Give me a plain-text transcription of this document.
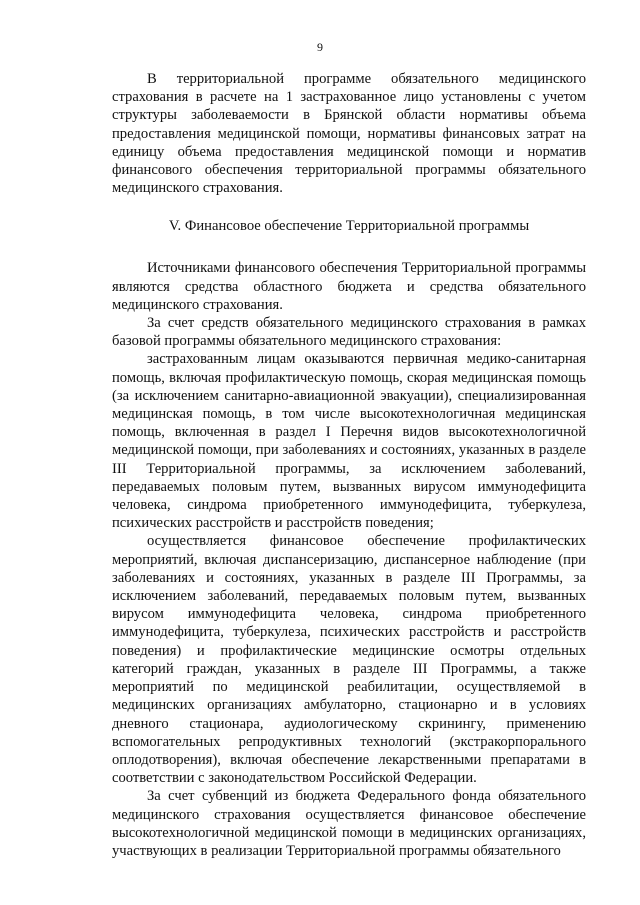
9

В территориальной программе обязательного медицинского страхования в расчете на 1 застрахованное лицо установлены с учетом структуры заболеваемости в Брянской области нормативы объема предоставления медицинской помощи, нормативы финансовых затрат на единицу объема предоставления медицинской помощи и норматив финансового обеспечения территориальной программы обязательного медицинского страхования.

V. Финансовое обеспечение Территориальной программы

Источниками финансового обеспечения Территориальной программы являются средства областного бюджета и средства обязательного медицинского страхования.

За счет средств обязательного медицинского страхования в рамках базовой программы обязательного медицинского страхования:

застрахованным лицам оказываются первичная медико-санитарная помощь, включая профилактическую помощь, скорая медицинская помощь (за исключением санитарно-авиационной эвакуации), специализированная медицинская помощь, в том числе высокотехнологичная медицинская помощь, включенная в раздел I Перечня видов высокотехнологичной медицинской помощи, при заболеваниях и состояниях, указанных в разделе III Территориальной программы, за исключением заболеваний, передаваемых половым путем, вызванных вирусом иммунодефицита человека, синдрома приобретенного иммунодефицита, туберкулеза, психических расстройств и расстройств поведения;

осуществляется финансовое обеспечение профилактических мероприятий, включая диспансеризацию, диспансерное наблюдение (при заболеваниях и состояниях, указанных в разделе III Программы, за исключением заболеваний, передаваемых половым путем, вызванных вирусом иммунодефицита человека, синдрома приобретенного иммунодефицита, туберкулеза, психических расстройств и расстройств поведения) и профилактические медицинские осмотры отдельных категорий граждан, указанных в разделе III Программы, а также мероприятий по медицинской реабилитации, осуществляемой в медицинских организациях амбулаторно, стационарно и в условиях дневного стационара, аудиологическому скринингу, применению вспомогательных репродуктивных технологий (экстракорпорального оплодотворения), включая обеспечение лекарственными препаратами в соответствии с законодательством Российской Федерации.

За счет субвенций из бюджета Федерального фонда обязательного медицинского страхования осуществляется финансовое обеспечение высокотехнологичной медицинской помощи в медицинских организациях, участвующих в реализации Территориальной программы обязательного
